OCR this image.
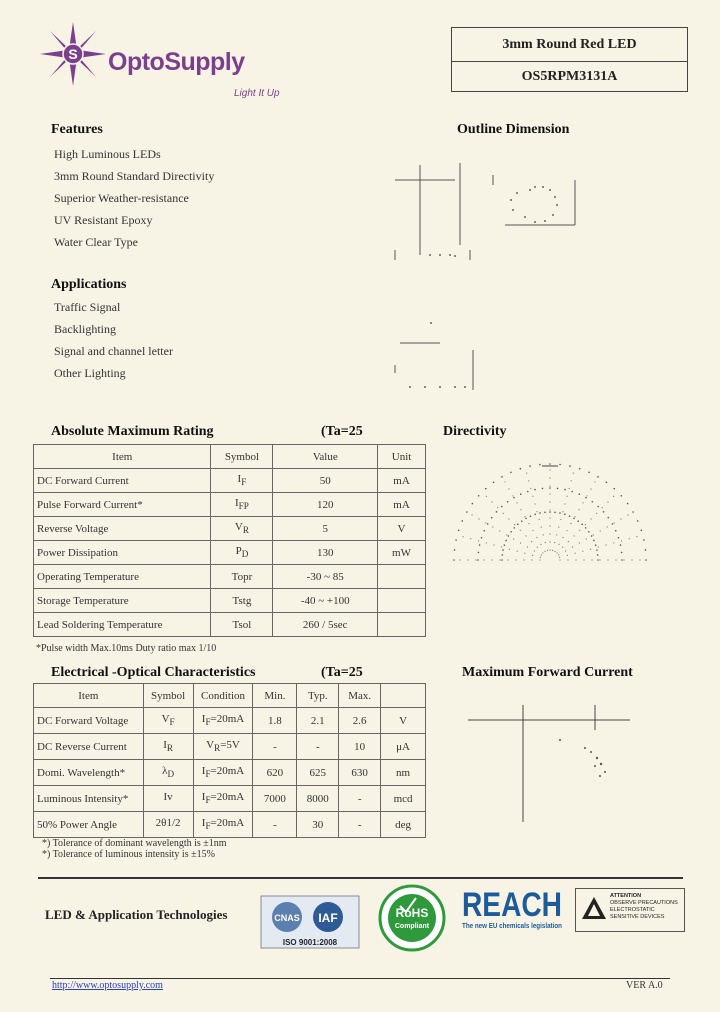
S OptoSupply
Light It Up
3mm Round Red LED
OS5RPM3131A
Features
High Luminous LEDs
3mm Round Standard Directivity
Superior Weather-resistance
UV Resistant Epoxy
Water Clear Type
Applications
Traffic Signal
Backlighting
Signal and channel letter
Other Lighting
Outline Dimension
Absolute Maximum Rating	(Ta=25
Item	Symbol	Value	Unit
DC Forward Current	$I_F$	50	mA
Pulse Forward Current*	$I_{FP}$	120	mA
Reverse Voltage	$V_R$	5	V
Power Dissipation	$P_D$	130	mW
Operating Temperature	Topr	-30 ~ 85	
Storage Temperature	Tstg	-40 ~ +100	
Lead Soldering Temperature	Tsol	260 / 5sec	
*Pulse width Max.10ms Duty ratio max 1/10
Directivity
Electrical -Optical Characteristics	(Ta=25
Item	Symbol	Condition	Min.	Typ.	Max.	
DC Forward Voltage	$V_F$	$I_F=20mA$	1.8	2.1	2.6	V
DC Reverse Current	$I_R$	$V_R=5V$	-	-	10	μA
Domi. Wavelength*	$\lambda_D$	$I_F=20mA$	620	625	630	nm
Luminous Intensity*	Iv	$I_F=20mA$	7000	8000	-	mcd
50% Power Angle	2θ1/2	$I_F=20mA$	-	30	-	deg
*) Tolerance of dominant wavelength is ±1nm
*) Tolerance of luminous intensity is ±15%
Maximum Forward Current
LED & Application Technologies	CNAS IAF
ISO 9001:2008
RoHS
Compliant
REACH
The new EU chemicals legislation
ATTENTION
OBSERVE PRECAUTIONS
ELECTROSTATIC
SENSITIVE DEVICES
http://www.optosupply.com	VER A.0
